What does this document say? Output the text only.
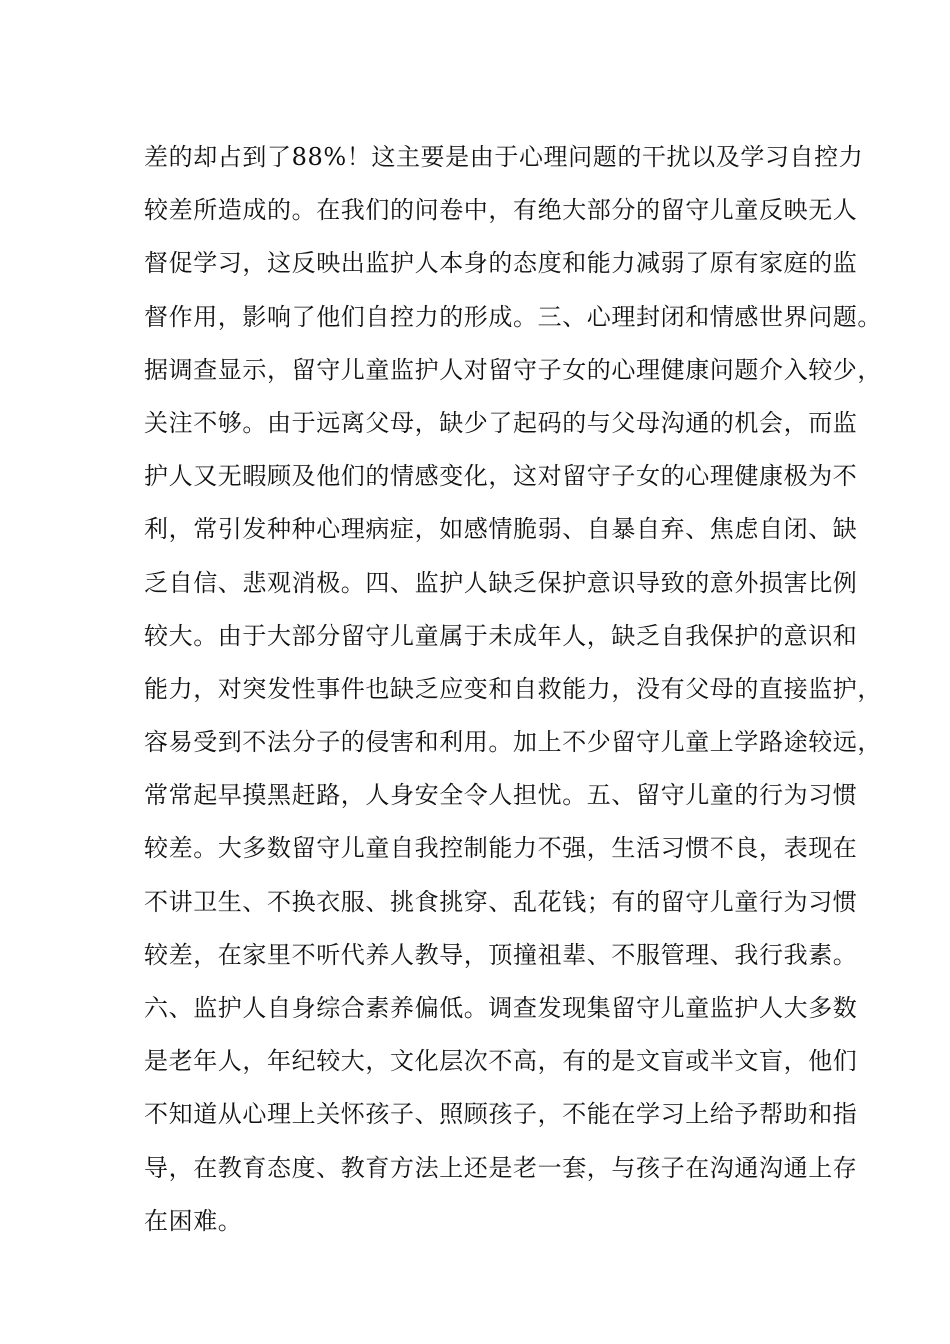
差的却占到了88%！这主要是由于心理问题的干扰以及学习自控力
较差所造成的。在我们的问卷中，有绝大部分的留守儿童反映无人
督促学习，这反映出监护人本身的态度和能力减弱了原有家庭的监
督作用，影响了他们自控力的形成。三、心理封闭和情感世界问题。
据调查显示，留守儿童监护人对留守子女的心理健康问题介入较少，
关注不够。由于远离父母，缺少了起码的与父母沟通的机会，而监
护人又无暇顾及他们的情感变化，这对留守子女的心理健康极为不
利，常引发种种心理病症，如感情脆弱、自暴自弃、焦虑自闭、缺
乏自信、悲观消极。四、监护人缺乏保护意识导致的意外损害比例
较大。由于大部分留守儿童属于未成年人，缺乏自我保护的意识和
能力，对突发性事件也缺乏应变和自救能力，没有父母的直接监护，
容易受到不法分子的侵害和利用。加上不少留守儿童上学路途较远，
常常起早摸黑赶路，人身安全令人担忧。五、留守儿童的行为习惯
较差。大多数留守儿童自我控制能力不强，生活习惯不良，表现在
不讲卫生、不换衣服、挑食挑穿、乱花钱；有的留守儿童行为习惯
较差，在家里不听代养人教导，顶撞祖辈、不服管理、我行我素。
六、监护人自身综合素养偏低。调查发现集留守儿童监护人大多数
是老年人，年纪较大，文化层次不高，有的是文盲或半文盲，他们
不知道从心理上关怀孩子、照顾孩子，不能在学习上给予帮助和指
导，在教育态度、教育方法上还是老一套，与孩子在沟通沟通上存
在困难。
